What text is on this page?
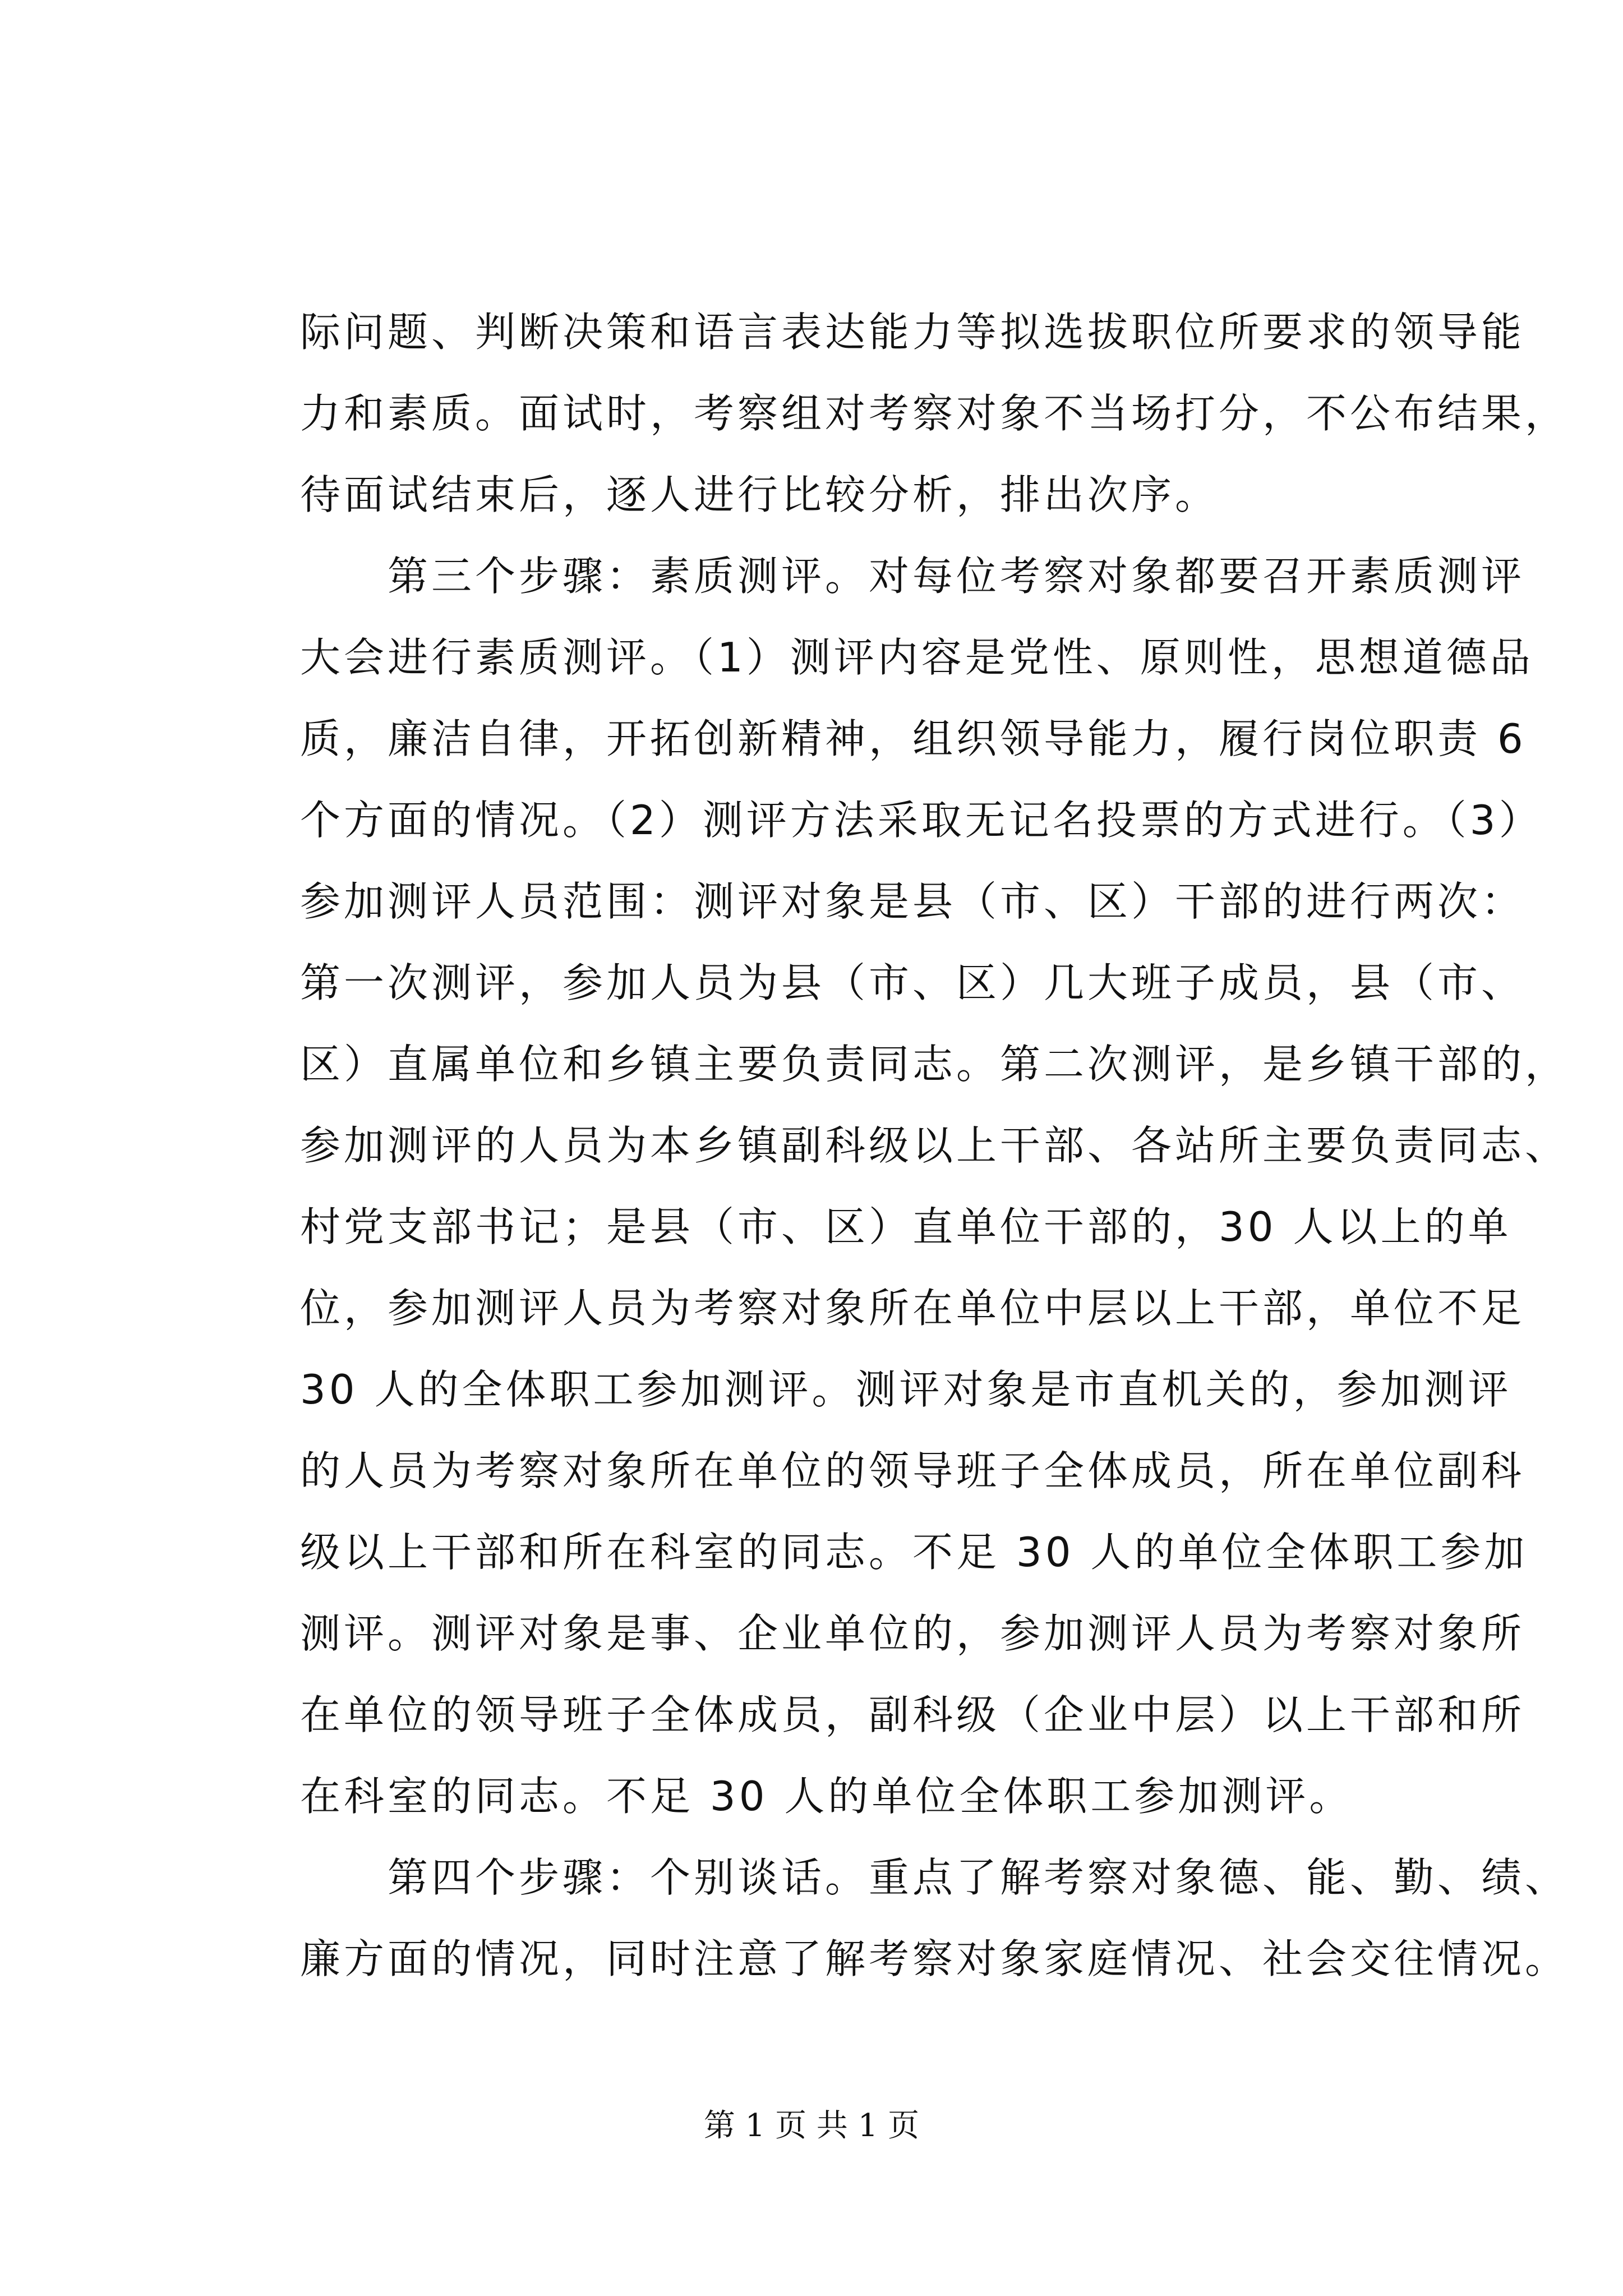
际问题、判断决策和语言表达能力等拟选拔职位所要求的领导能
力和素质。面试时，考察组对考察对象不当场打分，不公布结果，
待面试结束后，逐人进行比较分析，排出次序。
　　第三个步骤：素质测评。对每位考察对象都要召开素质测评
大会进行素质测评。（1）测评内容是党性、原则性，思想道德品
质，廉洁自律，开拓创新精神，组织领导能力，履行岗位职责 6
个方面的情况。（2）测评方法采取无记名投票的方式进行。（3）
参加测评人员范围：测评对象是县（市、区）干部的进行两次：
第一次测评，参加人员为县（市、区）几大班子成员，县（市、
区）直属单位和乡镇主要负责同志。第二次测评，是乡镇干部的，
参加测评的人员为本乡镇副科级以上干部、各站所主要负责同志、
村党支部书记；是县（市、区）直单位干部的，30 人以上的单
位，参加测评人员为考察对象所在单位中层以上干部，单位不足
30 人的全体职工参加测评。测评对象是市直机关的，参加测评
的人员为考察对象所在单位的领导班子全体成员，所在单位副科
级以上干部和所在科室的同志。不足 30 人的单位全体职工参加
测评。测评对象是事、企业单位的，参加测评人员为考察对象所
在单位的领导班子全体成员，副科级（企业中层）以上干部和所
在科室的同志。不足 30 人的单位全体职工参加测评。
　　第四个步骤：个别谈话。重点了解考察对象德、能、勤、绩、
廉方面的情况，同时注意了解考察对象家庭情况、社会交往情况。
第 1 页 共 1 页
